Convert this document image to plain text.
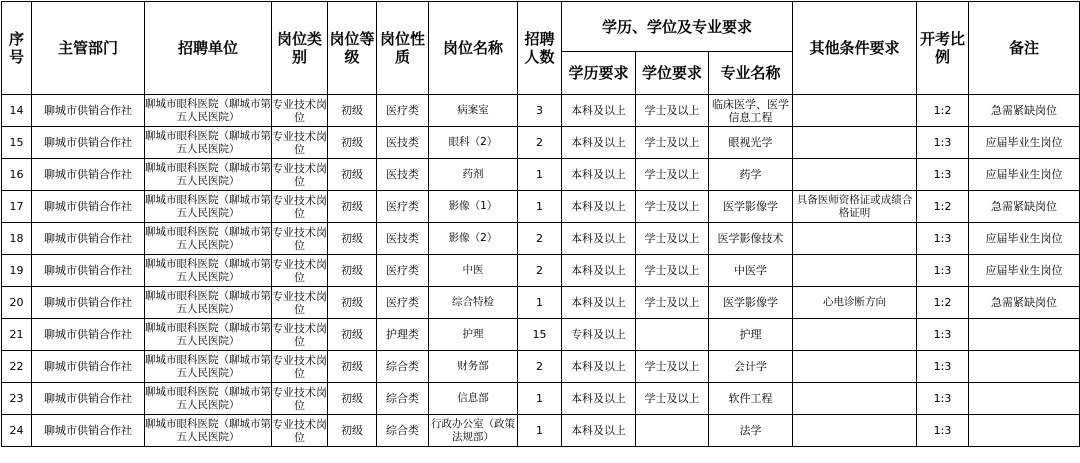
序号	主管部门	招聘单位	岗位类别	岗位等级	岗位性质	岗位名称	招聘人数	学历、学位及专业要求			其他条件要求	开考比例	备注
								学历要求	学位要求	专业名称			
14	聊城市供销合作社	聊城市眼科医院（聊城市第五人民医院）	专业技术岗位	初级	医疗类	病案室	3	本科及以上	学士及以上	临床医学、医学信息工程		1:2	急需紧缺岗位
15	聊城市供销合作社	聊城市眼科医院（聊城市第五人民医院）	专业技术岗位	初级	医技类	眼科（2）	2	本科及以上	学士及以上	眼视光学		1:3	应届毕业生岗位
16	聊城市供销合作社	聊城市眼科医院（聊城市第五人民医院）	专业技术岗位	初级	医技类	药剂	1	本科及以上	学士及以上	药学		1:3	应届毕业生岗位
17	聊城市供销合作社	聊城市眼科医院（聊城市第五人民医院）	专业技术岗位	初级	医疗类	影像（1）	1	本科及以上	学士及以上	医学影像学	具备医师资格证或成绩合格证明	1:2	急需紧缺岗位
18	聊城市供销合作社	聊城市眼科医院（聊城市第五人民医院）	专业技术岗位	初级	医技类	影像（2）	2	本科及以上	学士及以上	医学影像技术		1:3	应届毕业生岗位
19	聊城市供销合作社	聊城市眼科医院（聊城市第五人民医院）	专业技术岗位	初级	医疗类	中医	2	本科及以上	学士及以上	中医学		1:3	应届毕业生岗位
20	聊城市供销合作社	聊城市眼科医院（聊城市第五人民医院）	专业技术岗位	初级	医疗类	综合特检	1	本科及以上	学士及以上	医学影像学	心电诊断方向	1:2	急需紧缺岗位
21	聊城市供销合作社	聊城市眼科医院（聊城市第五人民医院）	专业技术岗位	初级	护理类	护理	15	专科及以上		护理		1:3	
22	聊城市供销合作社	聊城市眼科医院（聊城市第五人民医院）	专业技术岗位	初级	综合类	财务部	2	本科及以上	学士及以上	会计学		1:3	
23	聊城市供销合作社	聊城市眼科医院（聊城市第五人民医院）	专业技术岗位	初级	综合类	信息部	1	本科及以上	学士及以上	软件工程		1:3	
24	聊城市供销合作社	聊城市眼科医院（聊城市第五人民医院）	专业技术岗位	初级	综合类	行政办公室（政策法规部）	1	本科及以上		法学		1:3	
